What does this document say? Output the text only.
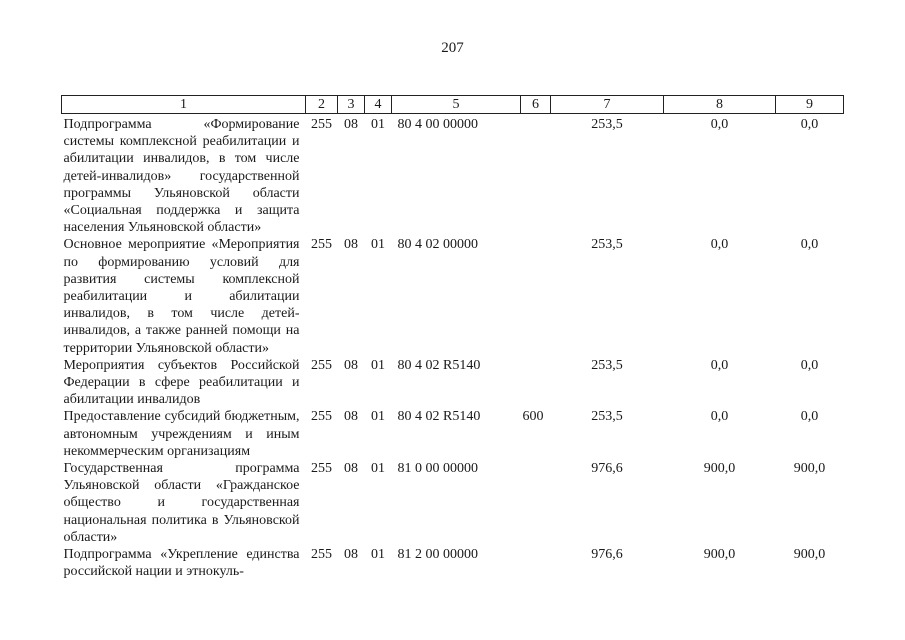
207
1	2	3	4	5	6	7	8	9
Подпрограмма «Формирование системы комплексной реабилитации и абилитации инвалидов, в том числе детей-инвалидов» государственной программы Ульяновской области «Социальная поддержка и защита населения Ульяновской области»	255	08	01	80 4 00 00000		253,5	0,0	0,0
Основное мероприятие «Мероприятия по формированию условий для развития системы комплексной реабилитации и абилитации инвалидов, в том числе детей-инвалидов, а также ранней помощи на территории Ульяновской области»	255	08	01	80 4 02 00000		253,5	0,0	0,0
Мероприятия субъектов Российской Федерации в сфере реабилитации и абилитации инвалидов	255	08	01	80 4 02 R5140		253,5	0,0	0,0
Предоставление субсидий бюджетным, автономным учреждениям и иным некоммерческим организациям	255	08	01	80 4 02 R5140	600	253,5	0,0	0,0
Государственная программа Ульяновской области «Гражданское общество и государственная национальная политика в Ульяновской области»	255	08	01	81 0 00 00000		976,6	900,0	900,0
Подпрограмма «Укрепление единства российской нации и этнокуль-	255	08	01	81 2 00 00000		976,6	900,0	900,0
